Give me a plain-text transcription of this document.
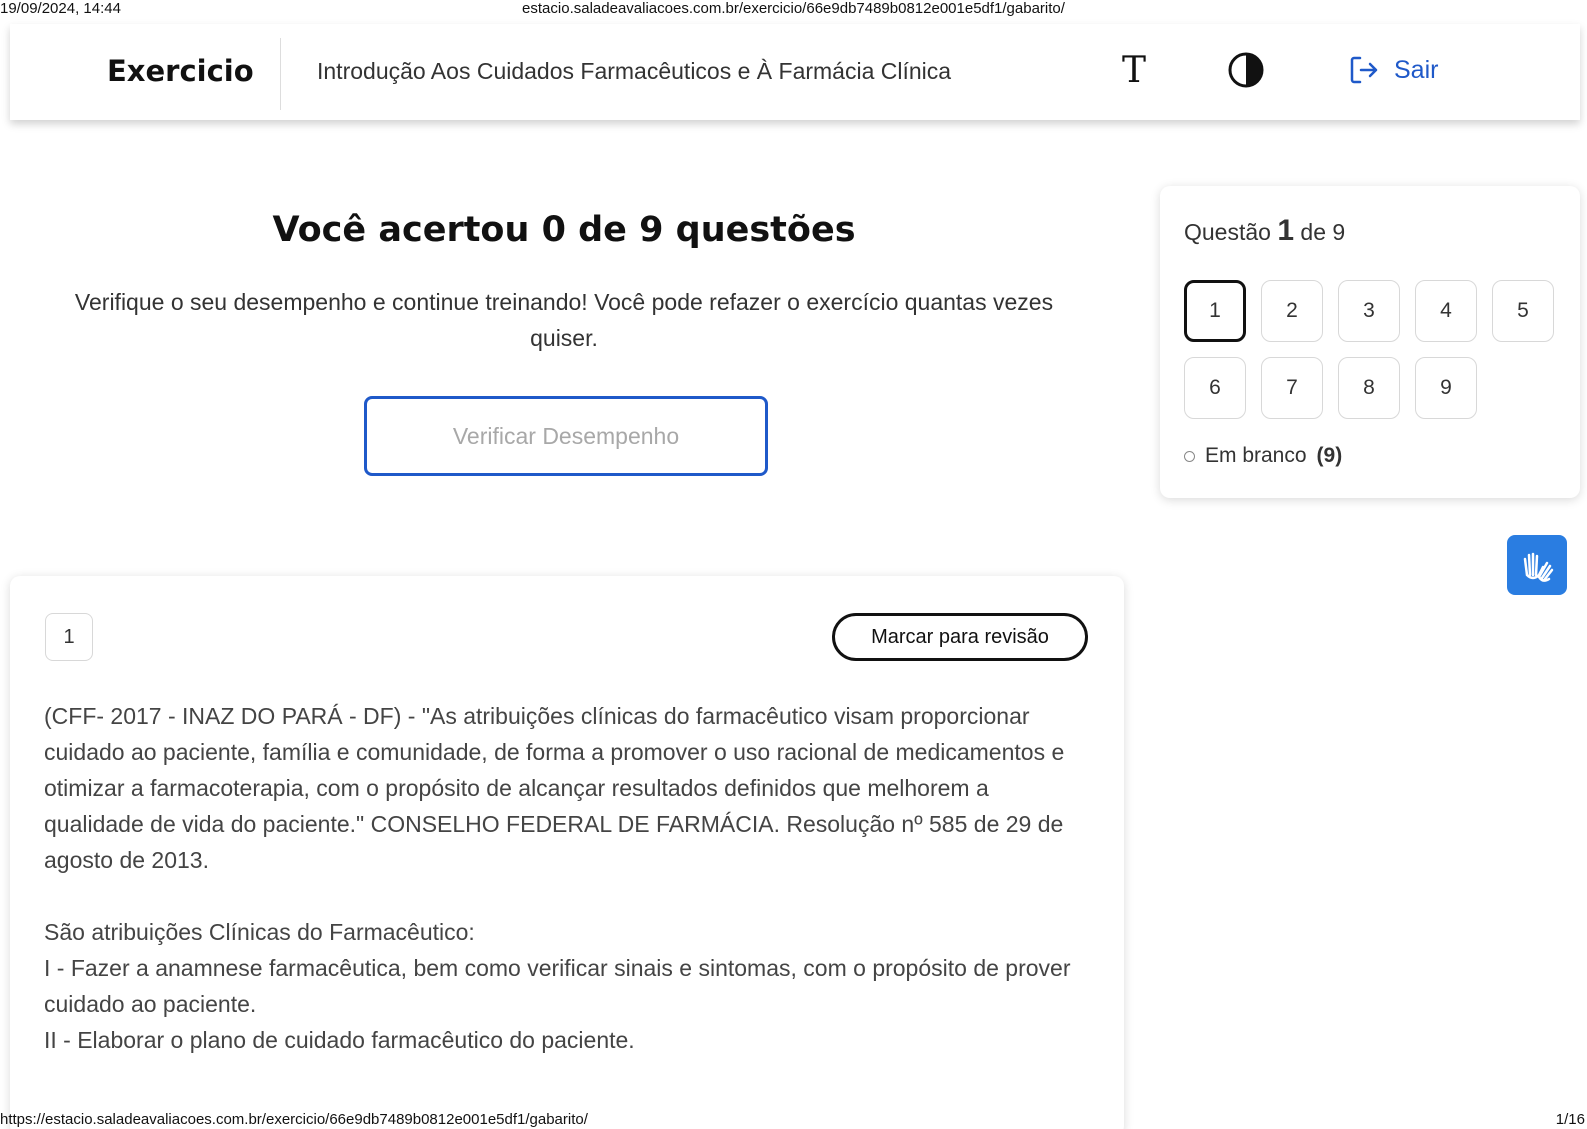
19/09/2024, 14:44	estacio.saladeavaliacoes.com.br/exercicio/66e9db7489b0812e001e5df1/gabarito/
Exercicio	Introdução Aos Cuidados Farmacêuticos e À Farmácia Clínica	T	Sair
Você acertou 0 de 9 questões
Verifique o seu desempenho e continue treinando! Você pode refazer o exercício quantas vezes quiser.
Verificar Desempenho
Questão 1 de 9
1	2	3	4	5
6	7	8	9
Em branco (9)
1	Marcar para revisão

(CFF- 2017 - INAZ DO PARÁ - DF) - "As atribuições clínicas do farmacêutico visam proporcionar cuidado ao paciente, família e comunidade, de forma a promover o uso racional de medicamentos e otimizar a farmacoterapia, com o propósito de alcançar resultados definidos que melhorem a qualidade de vida do paciente." CONSELHO FEDERAL DE FARMÁCIA. Resolução nº 585 de 29 de agosto de 2013.

São atribuições Clínicas do Farmacêutico:

I - Fazer a anamnese farmacêutica, bem como verificar sinais e sintomas, com o propósito de prover cuidado ao paciente.

II - Elaborar o plano de cuidado farmacêutico do paciente.

https://estacio.saladeavaliacoes.com.br/exercicio/66e9db7489b0812e001e5df1/gabarito/	1/16
